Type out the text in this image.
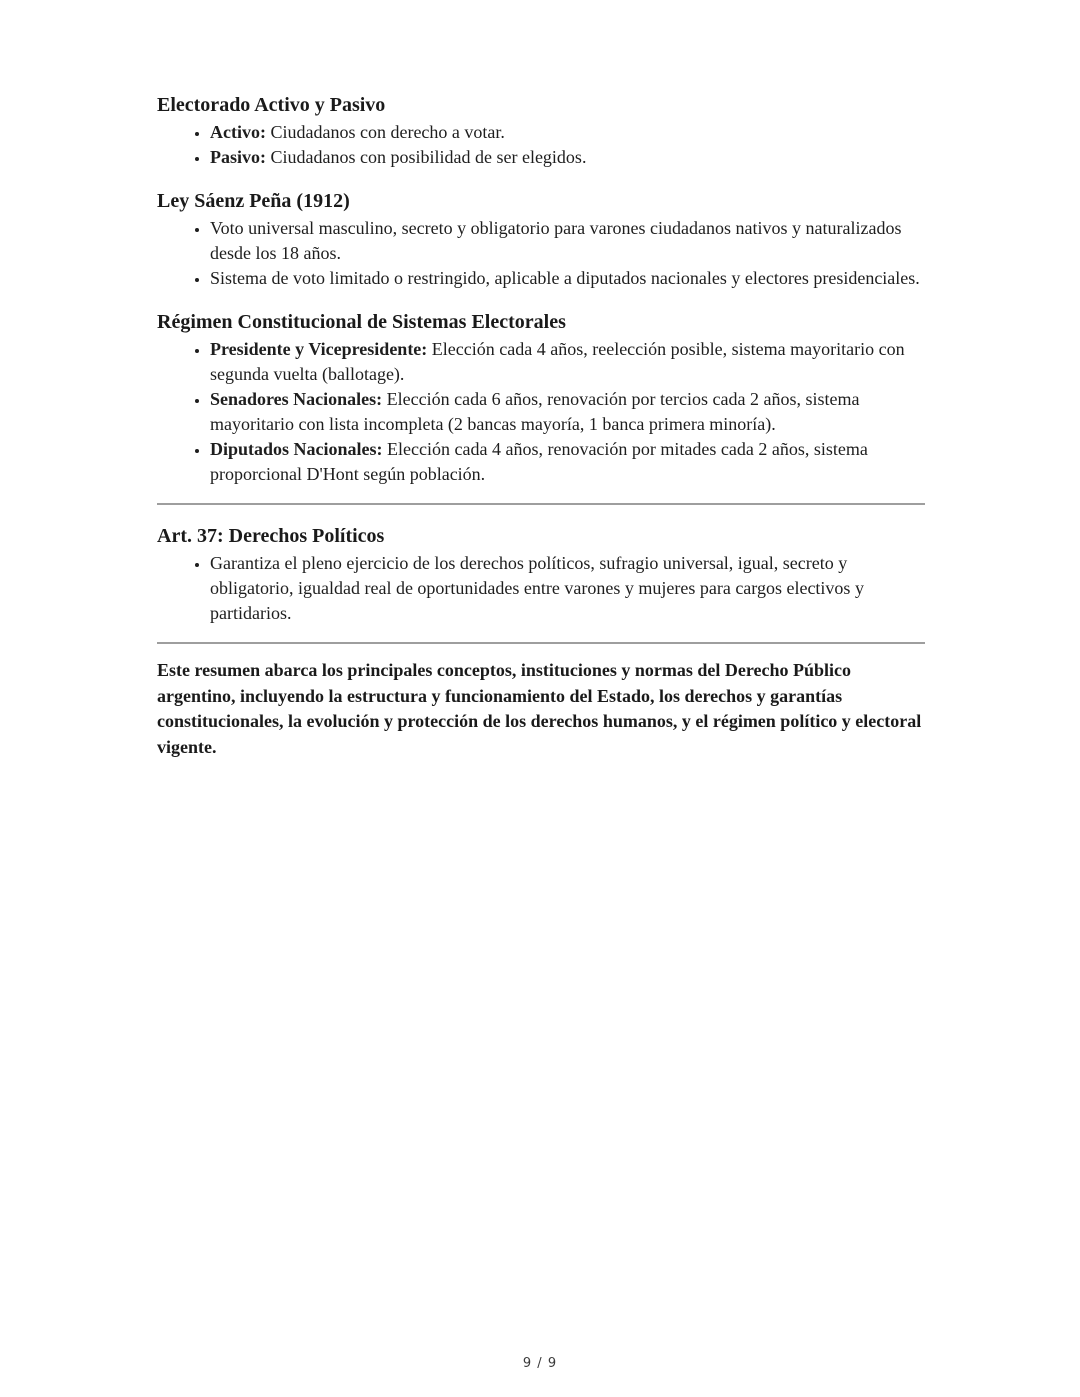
Electorado Activo y Pasivo
• Activo: Ciudadanos con derecho a votar.
• Pasivo: Ciudadanos con posibilidad de ser elegidos.
Ley Sáenz Peña (1912)
• Voto universal masculino, secreto y obligatorio para varones ciudadanos nativos y naturalizados desde los 18 años.
• Sistema de voto limitado o restringido, aplicable a diputados nacionales y electores presidenciales.
Régimen Constitucional de Sistemas Electorales
• Presidente y Vicepresidente: Elección cada 4 años, reelección posible, sistema mayoritario con segunda vuelta (ballotage).
• Senadores Nacionales: Elección cada 6 años, renovación por tercios cada 2 años, sistema mayoritario con lista incompleta (2 bancas mayoría, 1 banca primera minoría).
• Diputados Nacionales: Elección cada 4 años, renovación por mitades cada 2 años, sistema proporcional D'Hont según población.
Art. 37: Derechos Políticos
• Garantiza el pleno ejercicio de los derechos políticos, sufragio universal, igual, secreto y obligatorio, igualdad real de oportunidades entre varones y mujeres para cargos electivos y partidarios.

Este resumen abarca los principales conceptos, instituciones y normas del Derecho Público argentino, incluyendo la estructura y funcionamiento del Estado, los derechos y garantías constitucionales, la evolución y protección de los derechos humanos, y el régimen político y electoral vigente.

9 / 9
